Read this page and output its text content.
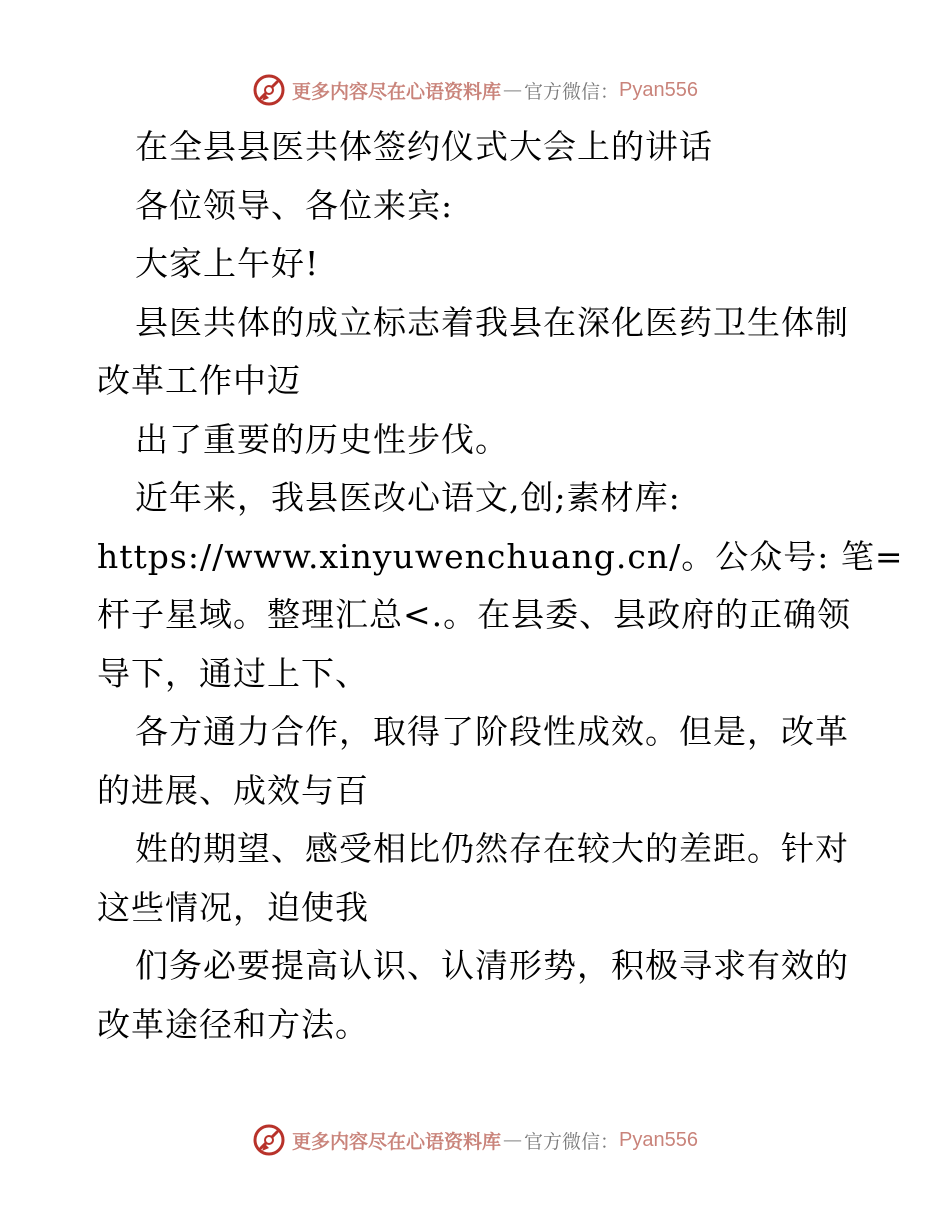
更多内容尽在心语资料库 — 官方微信： Pyan556
在全县县医共体签约仪式大会上的讲话
各位领导、各位来宾:
大家上午好!
县医共体的成立标志着我县在深化医药卫生体制
改革工作中迈
出了重要的历史性步伐。
近年来，我县医改心语文,创;素材库:
https://www.xinyuwenchuang.cn/。公众号: 笔=
杆子星域。整理汇总<.。在县委、县政府的正确领
导下，通过上下、
各方通力合作，取得了阶段性成效。但是，改革
的进展、成效与百
姓的期望、感受相比仍然存在较大的差距。针对
这些情况，迫使我
们务必要提高认识、认清形势，积极寻求有效的
改革途径和方法。
更多内容尽在心语资料库 — 官方微信： Pyan556
